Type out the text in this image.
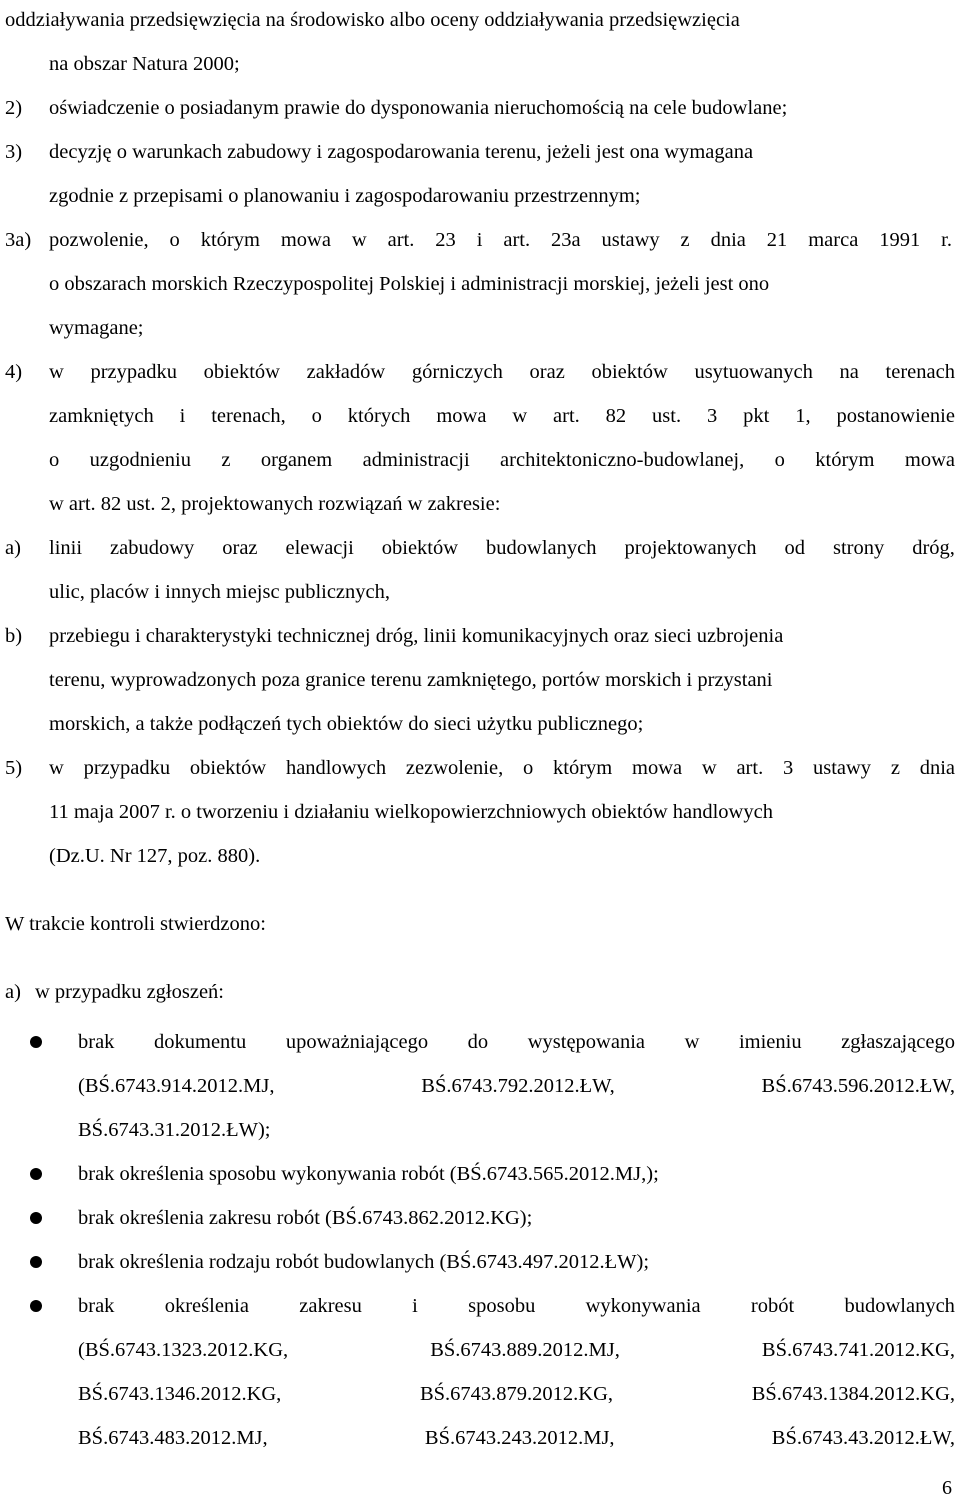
oddziaływania przedsięwzięcia na środowisko albo oceny oddziaływania przedsięwzięcia
na obszar Natura 2000;
2) oświadczenie o posiadanym prawie do dysponowania nieruchomością na cele budowlane;
3) decyzję o warunkach zabudowy i zagospodarowania terenu, jeżeli jest ona wymagana
zgodnie z przepisami o planowaniu i zagospodarowaniu przestrzennym;
3a) pozwolenie, o którym mowa w art. 23 i art. 23a ustawy z dnia 21 marca 1991 r.
o obszarach morskich Rzeczypospolitej Polskiej i administracji morskiej, jeżeli jest ono
wymagane;
4) w przypadku obiektów zakładów górniczych oraz obiektów usytuowanych na terenach
zamkniętych i terenach, o których mowa w art. 82 ust. 3 pkt 1, postanowienie
o uzgodnieniu z organem administracji architektoniczno-budowlanej, o którym mowa
w art. 82 ust. 2, projektowanych rozwiązań w zakresie:
a) linii zabudowy oraz elewacji obiektów budowlanych projektowanych od strony dróg,
ulic, placów i innych miejsc publicznych,
b) przebiegu i charakterystyki technicznej dróg, linii komunikacyjnych oraz sieci uzbrojenia
terenu, wyprowadzonych poza granice terenu zamkniętego, portów morskich i przystani
morskich, a także podłączeń tych obiektów do sieci użytku publicznego;
5) w przypadku obiektów handlowych zezwolenie, o którym mowa w art. 3 ustawy z dnia
11 maja 2007 r. o tworzeniu i działaniu wielkopowierzchniowych obiektów handlowych
(Dz.U. Nr 127, poz. 880).
W trakcie kontroli stwierdzono:
a) w przypadku zgłoszeń:
brak dokumentu upoważniającego do występowania w imieniu zgłaszającego
(BŚ.6743.914.2012.MJ,	BŚ.6743.792.2012.ŁW,	BŚ.6743.596.2012.ŁW,
BŚ.6743.31.2012.ŁW);
brak określenia sposobu wykonywania robót (BŚ.6743.565.2012.MJ,);
brak określenia zakresu robót (BŚ.6743.862.2012.KG);
brak określenia rodzaju robót budowlanych (BŚ.6743.497.2012.ŁW);
brak określenia zakresu i sposobu wykonywania robót budowlanych
(BŚ.6743.1323.2012.KG,	BŚ.6743.889.2012.MJ,	BŚ.6743.741.2012.KG,
BŚ.6743.1346.2012.KG,	BŚ.6743.879.2012.KG,	BŚ.6743.1384.2012.KG,
BŚ.6743.483.2012.MJ,	BŚ.6743.243.2012.MJ,	BŚ.6743.43.2012.ŁW,
6
